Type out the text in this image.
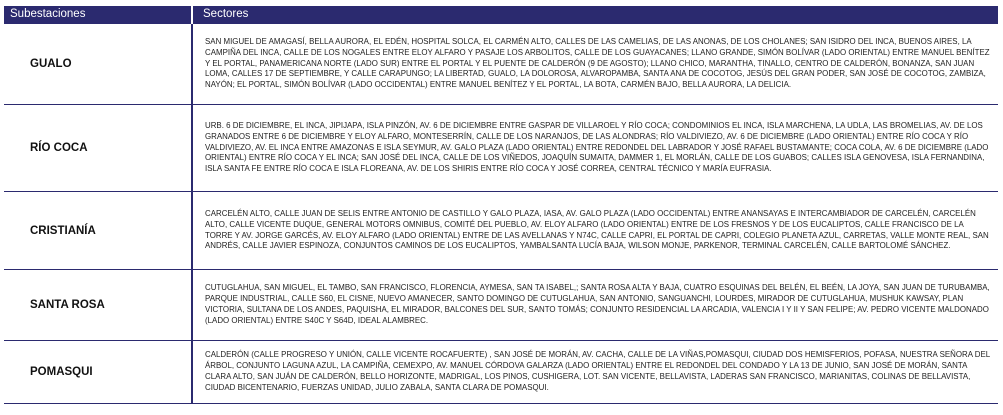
Subestaciones	Sectores
GUALO	SAN MIGUEL DE AMAGASÍ, BELLA AURORA, EL EDÉN, HOSPITAL SOLCA, EL CARMÉN ALTO, CALLES DE LAS CAMELIAS, DE LAS ANONAS, DE LOS CHOLANES; SAN ISIDRO DEL INCA, BUENOS AIRES, LA CAMPIÑA DEL INCA, CALLE DE LOS NOGALES ENTRE ELOY ALFARO Y PASAJE LOS ARBOLITOS, CALLE DE LOS GUAYACANES; LLANO GRANDE, SIMÓN BOLÍVAR (LADO ORIENTAL) ENTRE MANUEL BENÍTEZ Y EL PORTAL, PANAMERICANA NORTE (LADO SUR) ENTRE EL PORTAL Y EL PUENTE DE CALDERÓN (9 DE AGOSTO); LLANO CHICO, MARANTHA, TINALLO, CENTRO DE CALDERÓN, BONANZA, SAN JUAN LOMA, CALLES 17 DE SEPTIEMBRE, Y CALLE CARAPUNGO; LA LIBERTAD, GUALO, LA DOLOROSA, ALVAROPAMBA, SANTA ANA DE COCOTOG, JESÚS DEL GRAN PODER, SAN JOSÉ DE COCOTOG, ZAMBIZA, NAYÓN; EL PORTAL, SIMÓN BOLÍVAR (LADO OCCIDENTAL) ENTRE MANUEL BENÍTEZ Y EL PORTAL, LA BOTA, CARMÉN BAJO, BELLA AURORA, LA DELICIA.
RÍO COCA	URB. 6 DE DICIEMBRE, EL INCA, JIPIJAPA, ISLA PINZÓN, AV. 6 DE DICIEMBRE ENTRE GASPAR DE VILLAROEL Y RÍO COCA; CONDOMINIOS EL INCA, ISLA MARCHENA, LA UDLA, LAS BROMELIAS, AV. DE LOS GRANADOS ENTRE 6 DE DICIEMBRE Y ELOY ALFARO, MONTESERRÍN, CALLE DE LOS NARANJOS, DE LAS ALONDRAS; RÍO VALDIVIEZO, AV. 6 DE DICIEMBRE (LADO ORIENTAL) ENTRE RÍO COCA Y RÍO VALDIVIEZO, AV. EL INCA ENTRE AMAZONAS E ISLA SEYMUR, AV. GALO PLAZA (LADO ORIENTAL) ENTRE REDONDEL DEL LABRADOR Y JOSÉ RAFAEL BUSTAMANTE; COCA COLA, AV. 6 DE DICIEMBRE (LADO ORIENTAL) ENTRE RÍO COCA Y EL INCA; SAN JOSÉ DEL INCA, CALLE DE LOS VIÑEDOS, JOAQUÍN SUMAITA, DAMMER 1, EL MORLÁN, CALLE DE LOS GUABOS; CALLES ISLA GENOVESA, ISLA FERNANDINA, ISLA SANTA FE ENTRE RÍO COCA E ISLA FLOREANA, AV. DE LOS SHIRIS ENTRE RÍO COCA Y JOSÉ CORREA, CENTRAL TÉCNICO Y MARÍA EUFRASIA.
CRISTIANÍA	CARCELÉN ALTO, CALLE JUAN DE SELIS ENTRE ANTONIO DE CASTILLO Y GALO PLAZA, IASA, AV. GALO PLAZA (LADO OCCIDENTAL) ENTRE ANANSAYAS E INTERCAMBIADOR DE CARCELÉN, CARCELÉN ALTO, CALLE VICENTE DUQUE, GENERAL MOTORS OMNIBUS, COMITÉ DEL PUEBLO, AV. ELOY ALFARO (LADO ORIENTAL) ENTRE DE LOS FRESNOS Y DE LOS EUCALIPTOS, CALLE FRANCISCO DE LA TORRE Y AV. JORGE GARCÉS, AV. ELOY ALFARO (LADO ORIENTAL) ENTRE DE LAS AVELLANAS Y N74C, CALLE CAPRI, EL PORTAL DE CAPRI, COLEGIO PLANETA AZUL, CARRETAS, VALLE MONTE REAL, SAN ANDRÉS, CALLE JAVIER ESPINOZA, CONJUNTOS CAMINOS DE LOS EUCALIPTOS, YAMBALSANTA LUCÍA BAJA, WILSON MONJE, PARKENOR, TERMINAL CARCELÉN, CALLE BARTOLOMÉ SÁNCHEZ.
SANTA ROSA	CUTUGLAHUA, SAN MIGUEL, EL TAMBO, SAN FRANCISCO, FLORENCIA, AYMESA, SAN TA ISABEL,; SANTA ROSA ALTA Y BAJA, CUATRO ESQUINAS DEL BELÉN, EL BEÉN, LA JOYA, SAN JUAN DE TURUBAMBA, PARQUE INDUSTRIAL, CALLE S60, EL CISNE, NUEVO AMANECER, SANTO DOMINGO DE CUTUGLAHUA, SAN ANTONIO, SANGUANCHI, LOURDES, MIRADOR DE CUTUGLAHUA, MUSHUK KAWSAY, PLAN VICTORIA, SULTANA DE LOS ANDES, PAQUISHA, EL MIRADOR, BALCONES DEL SUR, SANTO TOMÁS; CONJUNTO RESIDENCIAL LA ARCADIA, VALENCIA I Y II Y SAN FELIPE; AV. PEDRO VICENTE MALDONADO (LADO ORIENTAL) ENTRE S40C Y S64D, IDEAL ALAMBREC.
POMASQUI	CALDERÓN (CALLE PROGRESO Y UNIÓN, CALLE VICENTE ROCAFUERTE) , SAN JOSÉ DE MORÁN, AV. CACHA, CALLE DE LA VIÑAS,POMASQUI, CIUDAD DOS HEMISFERIOS, POFASA, NUESTRA SEÑORA DEL ÁRBOL, CONJUNTO LAGUNA AZUL, LA CAMPIÑA, CEMEXPO, AV. MANUEL CÓRDOVA GALARZA (LADO ORIENTAL) ENTRE EL REDONDEL DEL CONDADO Y LA 13 DE JUNIO, SAN JOSÉ DE MORÁN, SANTA CLARA ALTO, SAN JUÁN DE CALDERÓN, BELLO HORIZONTE, MADRIGAL, LOS PINOS, CUSHIGERA, LOT. SAN VICENTE, BELLAVISTA, LADERAS SAN FRANCISCO, MARIANITAS, COLINAS DE BELLAVISTA, CIUDAD BICENTENARIO, FUERZAS UNIDAD, JULIO ZABALA, SANTA CLARA DE POMASQUI.
